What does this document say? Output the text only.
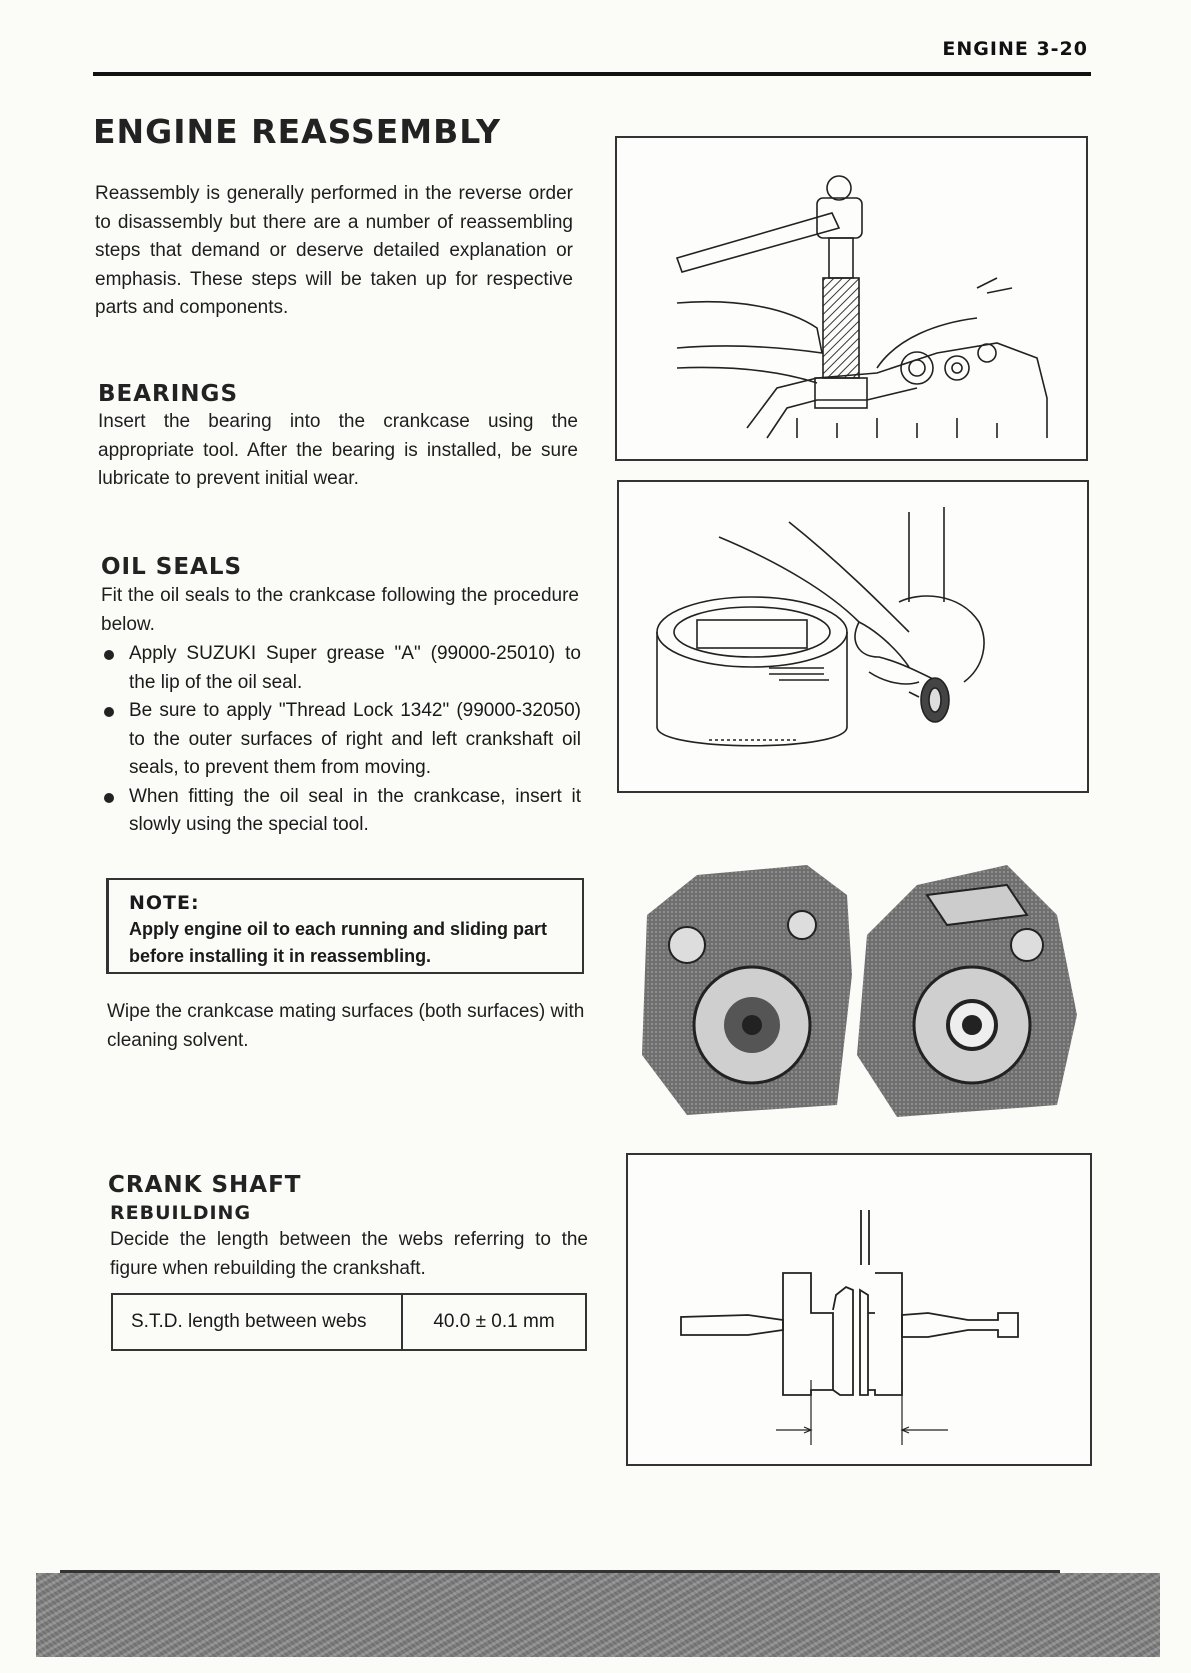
ENGINE 3-20
ENGINE REASSEMBLY
Reassembly is generally performed in the reverse order to disassembly but there are a number of reassembling steps that demand or deserve detailed explanation or emphasis. These steps will be taken up for respective parts and components.
BEARINGS
Insert the bearing into the crankcase using the appropriate tool. After the bearing is installed, be sure lubricate to prevent initial wear.
OIL SEALS
Fit the oil seals to the crankcase following the procedure below.
Apply SUZUKI Super grease "A" (99000-25010) to the lip of the oil seal.
Be sure to apply "Thread Lock 1342" (99000-32050) to the outer surfaces of right and left crankshaft oil seals, to prevent them from moving.
When fitting the oil seal in the crankcase, insert it slowly using the special tool.
NOTE:
Apply engine oil to each running and sliding part before installing it in reassembling.
Wipe the crankcase mating surfaces (both surfaces) with cleaning solvent.
CRANK SHAFT
REBUILDING
Decide the length between the webs referring to the figure when rebuilding the crankshaft.
S.T.D. length between webs	40.0 ± 0.1 mm
